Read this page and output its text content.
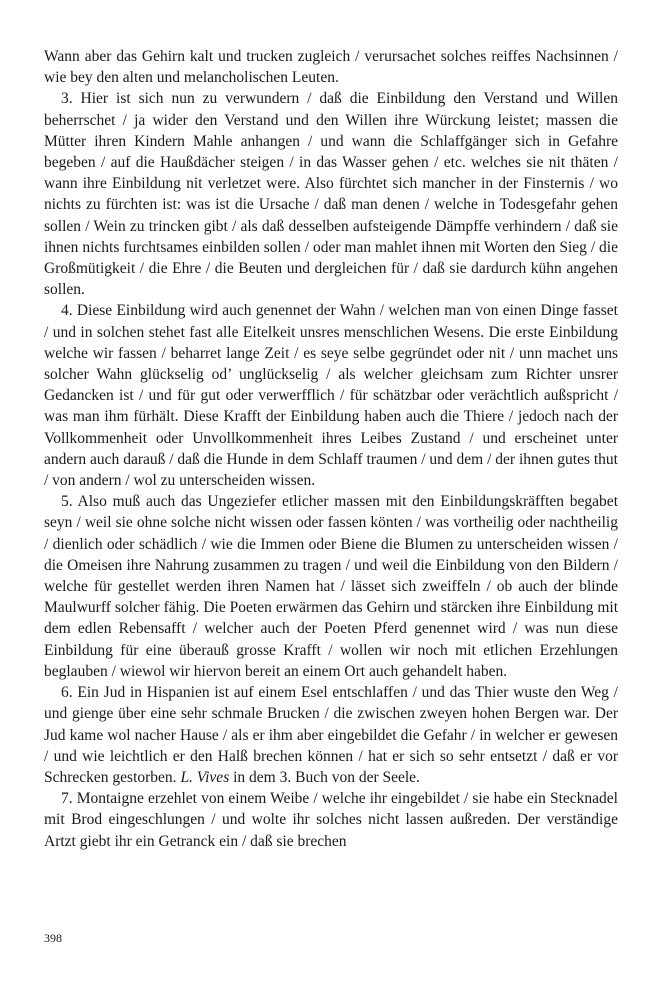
Wann aber das Gehirn kalt und trucken zugleich / verursachet solches reiffes Nachsinnen / wie bey den alten und melancholischen Leuten.

3. Hier ist sich nun zu verwundern / daß die Einbildung den Verstand und Willen beherrschet / ja wider den Verstand und den Willen ihre Würckung leistet; massen die Mütter ihren Kindern Mahle anhangen / und wann die Schlaffgänger sich in Gefahre begeben / auf die Haußdächer steigen / in das Wasser gehen / etc. welches sie nit thäten / wann ihre Einbildung nit verletzet were. Also fürchtet sich mancher in der Finsternis / wo nichts zu fürchten ist: was ist die Ursache / daß man denen / welche in Todesgefahr gehen sollen / Wein zu trincken gibt / als daß desselben aufsteigende Dämpffe verhindern / daß sie ihnen nichts furchtsames einbilden sollen / oder man mahlet ihnen mit Worten den Sieg / die Großmütigkeit / die Ehre / die Beuten und dergleichen für / daß sie dardurch kühn angehen sollen.

4. Diese Einbildung wird auch genennet der Wahn / welchen man von einen Dinge fasset / und in solchen stehet fast alle Eitelkeit unsres menschlichen Wesens. Die erste Einbildung welche wir fassen / beharret lange Zeit / es seye selbe gegründet oder nit / unn machet uns solcher Wahn glückselig od’ unglückselig / als welcher gleichsam zum Richter unsrer Gedancken ist / und für gut oder verwerfflich / für schätzbar oder verächtlich außspricht / was man ihm fürhält. Diese Krafft der Einbildung haben auch die Thiere / jedoch nach der Vollkommenheit oder Unvollkommenheit ihres Leibes Zustand / und erscheinet unter andern auch darauß / daß die Hunde in dem Schlaff traumen / und dem / der ihnen gutes thut / von andern / wol zu unterscheiden wissen.

5. Also muß auch das Ungeziefer etlicher massen mit den Einbildungskräfften begabet seyn / weil sie ohne solche nicht wissen oder fassen könten / was vortheilig oder nachtheilig / dienlich oder schädlich / wie die Immen oder Biene die Blumen zu unterscheiden wissen / die Omeisen ihre Nahrung zusammen zu tragen / und weil die Einbildung von den Bildern / welche für gestellet werden ihren Namen hat / lässet sich zweiffeln / ob auch der blinde Maulwurff solcher fähig. Die Poeten erwärmen das Gehirn und stärcken ihre Einbildung mit dem edlen Rebensafft / welcher auch der Poeten Pferd genennet wird / was nun diese Einbildung für eine überauß grosse Krafft / wollen wir noch mit etlichen Erzehlungen beglauben / wiewol wir hiervon bereit an einem Ort auch gehandelt haben.

6. Ein Jud in Hispanien ist auf einem Esel entschlaffen / und das Thier wuste den Weg / und gienge über eine sehr schmale Brucken / die zwischen zweyen hohen Bergen war. Der Jud kame wol nacher Hause / als er ihm aber eingebildet die Gefahr / in welcher er gewesen / und wie leichtlich er den Halß brechen können / hat er sich so sehr entsetzt / daß er vor Schrecken gestorben. L. Vives in dem 3. Buch von der Seele.

7. Montaigne erzehlet von einem Weibe / welche ihr eingebildet / sie habe ein Stecknadel mit Brod eingeschlungen / und wolte ihr solches nicht lassen außreden. Der verständige Artzt giebt ihr ein Getranck ein / daß sie brechen

398
